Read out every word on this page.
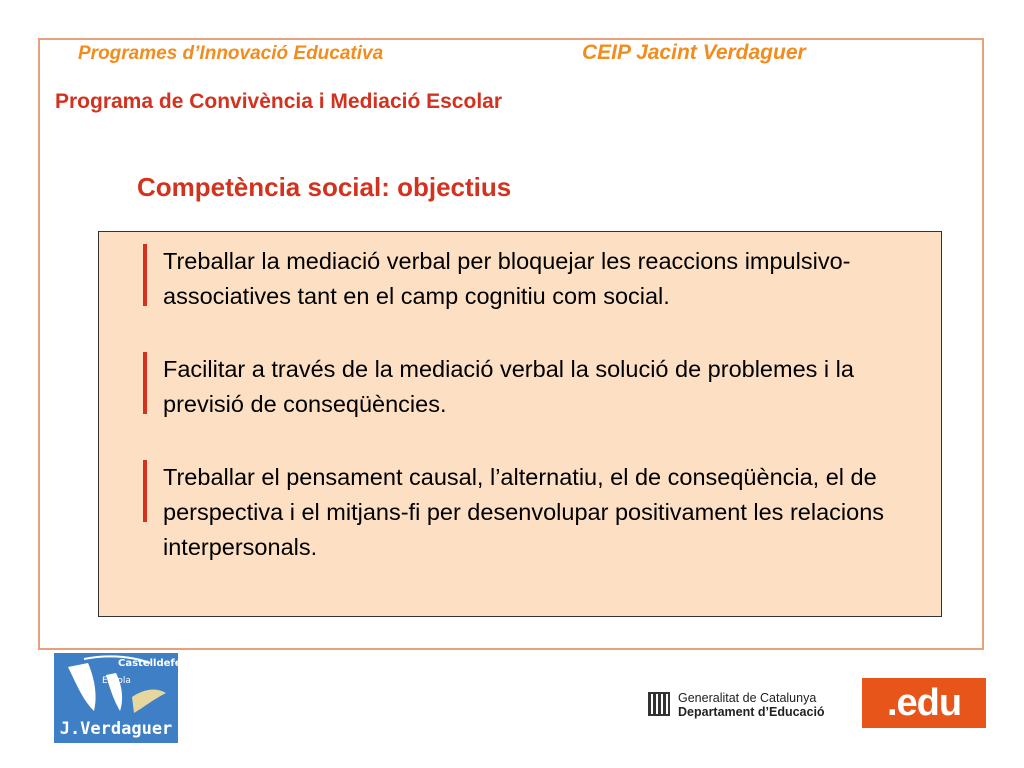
Programes d’Innovació Educativa	CEIP Jacint Verdaguer
Programa de Convivència i Mediació Escolar
Competència social: objectius
Treballar la mediació verbal per bloquejar les reaccions impulsivo-associatives tant en el camp cognitiu com social.
Facilitar a través de la mediació verbal la solució de problemes i la previsió de conseqüències.
Treballar el pensament causal, l’alternatiu, el de conseqüència, el de perspectiva i el mitjans-fi per desenvolupar positivament les relacions interpersonals.
Castelldefels
Escola
J.Verdaguer
Generalitat de Catalunya
Departament d’Educació	.edu
